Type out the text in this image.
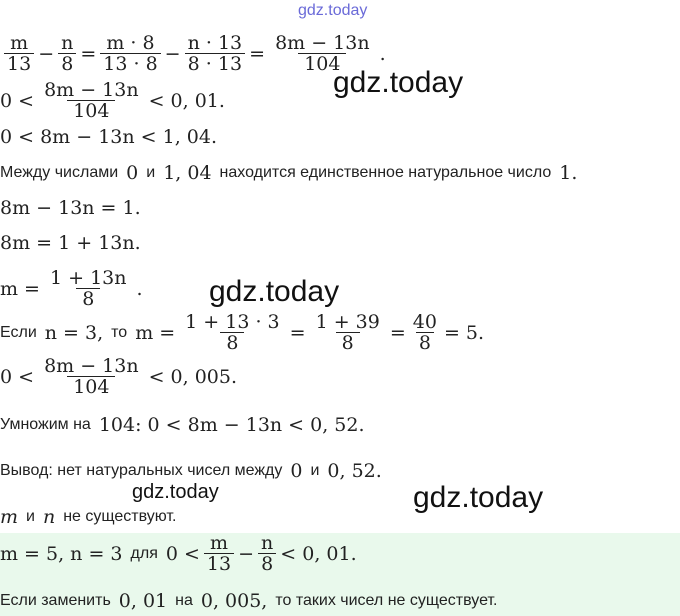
gdz.today
gdz.today
gdz.today
gdz.today	gdz.today
$\frac{m}{13} - \frac{n}{8} = \frac{m \cdot 8}{13 \cdot 8} - \frac{n \cdot 13}{8 \cdot 13} = \frac{8m - 13n}{104}$ .
$0 < \frac{8m - 13n}{104} < 0$, 01.
0 < 8m − 13n < 1, 04.
Между числами 0 и 1, 04 находится единственное натуральное число 1.
8m − 13n = 1.
8m = 1 + 13n.
$m = \frac{1 + 13n}{8}$ .
Если n = 3, то $m = \frac{1 + 13 \cdot 3}{8} = \frac{1 + 39}{8} = \frac{40}{8} = 5$.
$0 < \frac{8m - 13n}{104} < 0$, 005.
Умножим на 104: 0 < 8m − 13n < 0, 52.
Вывод: нет натуральных чисел между 0 и 0, 52.
m и n не существуют.
m = 5, n = 3 для $0 < \frac{m}{13} - \frac{n}{8} < 0$, 01.
Если заменить 0, 01 на 0, 005, то таких чисел не существует.
